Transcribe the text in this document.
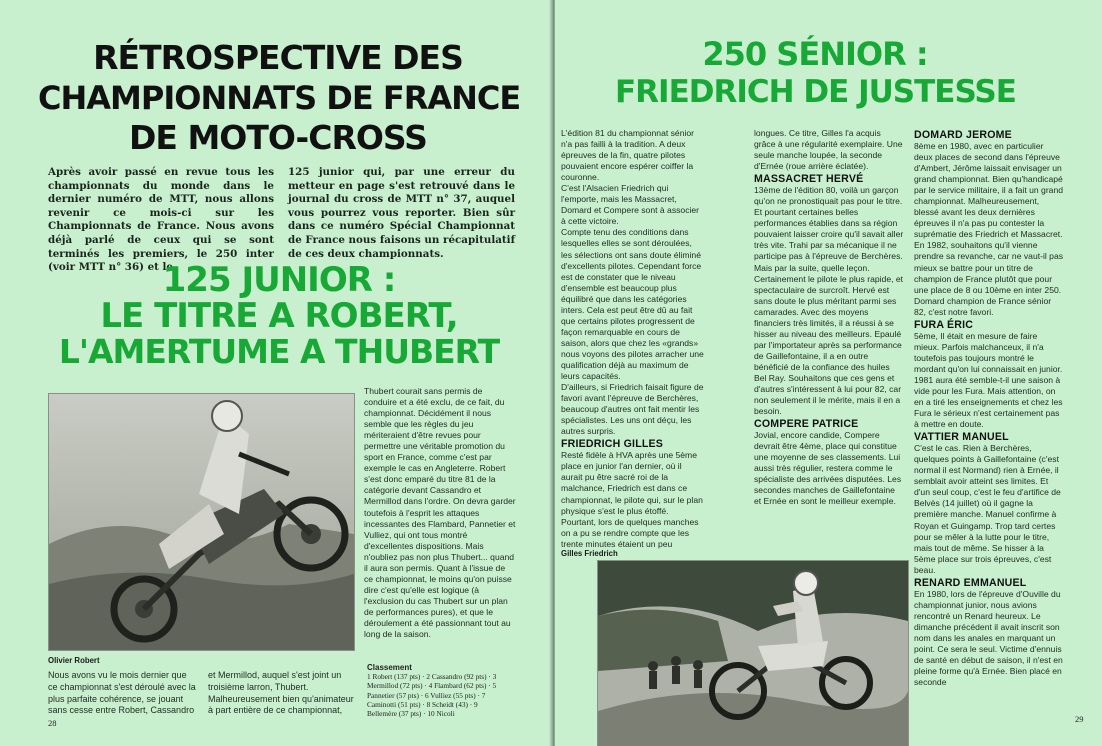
RÉTROSPECTIVE DES
CHAMPIONNATS DE FRANCE
DE MOTO-CROSS
Après avoir passé en revue tous les championnats du monde dans le dernier numéro de MTT, nous allons revenir ce mois-ci sur les Championnats de France. Nous avons déjà parlé de ceux qui se sont terminés les premiers, le 250 inter (voir MTT n° 36) et le
125 junior qui, par une erreur du metteur en page s'est retrouvé dans le journal du cross de MTT n° 37, auquel vous pourrez vous reporter. Bien sûr dans ce numéro Spécial Championnat de France nous faisons un récapitulatif de ces deux championnats.
125 JUNIOR :
LE TITRE A ROBERT,
L'AMERTUME A THUBERT
Olivier Robert
Thubert courait sans permis de conduire et a été exclu, de ce fait, du championnat. Décidément il nous semble que les règles du jeu mériteraient d'être revues pour permettre une véritable promotion du sport en France, comme c'est par exemple le cas en Angleterre. Robert s'est donc emparé du titre 81 de la catégorie devant Cassandro et Mermillod dans l'ordre. On devra garder toutefois à l'esprit les attaques incessantes des Flambard, Pannetier et Vulliez, qui ont tous montré d'excellentes dispositions. Mais n'oubliez pas non plus Thubert... quand il aura son permis. Quant à l'issue de ce championnat, le moins qu'on puisse dire c'est qu'elle est logique (à l'exclusion du cas Thubert sur un plan de performances pures), et que le déroulement a été passionnant tout au long de la saison.
Nous avons vu le mois dernier que ce championnat s'est déroulé avec la plus parfaite cohérence, se jouant sans cesse entre Robert, Cassandro
et Mermillod, auquel s'est joint un troisième larron, Thubert. Malheureusement bien qu'animateur à part entière de ce championnat,
Classement
1 Robert (137 pts) · 2 Cassandro (92 pts) · 3
Mermillod (72 pts) · 4 Flambard (62 pts) · 5
Pannetier (57 pts) · 6 Vulliez (55 pts) · 7
Caminotti (51 pts) · 8 Scheidt (43) · 9
Bellemère (37 pts) · 10 Nicoli
28
250 SÉNIOR :
FRIEDRICH DE JUSTESSE

L'édition 81 du championnat sénior n'a pas failli à la tradition. A deux épreuves de la fin, quatre pilotes pouvaient encore espérer coiffer la couronne.

C'est l'Alsacien Friedrich qui l'emporte, mais les Massacret, Domard et Compere sont à associer à cette victoire.

Compte tenu des conditions dans lesquelles elles se sont déroulées, les sélections ont sans doute éliminé d'excellents pilotes. Cependant force est de constater que le niveau d'ensemble est beaucoup plus équilibré que dans les catégories inters. Cela est peut être dû au fait que certains pilotes progressent de façon remarquable en cours de saison, alors que chez les «grands» nous voyons des pilotes arracher une qualification déjà au maximum de leurs capacités.

D'ailleurs, si Friedrich faisait figure de favori avant l'épreuve de Berchères, beaucoup d'autres ont fait mentir les spécialistes. Les uns ont déçu, les autres surpris.

FRIEDRICH GILLES

Resté fidèle à HVA après une 5ème place en junior l'an dernier, où il aurait pu être sacré roi de la malchance, Friedrich est dans ce championnat, le pilote qui, sur le plan physique s'est le plus étoffé. Pourtant, lors de quelques manches on a pu se rendre compte que les trente minutes étaient un peu

Gilles Friedrich

longues. Ce titre, Gilles l'a acquis grâce à une régularité exemplaire. Une seule manche loupée, la seconde d'Ernée (roue arrière éclatée).

MASSACRET HERVÉ

13ème de l'édition 80, voilà un garçon qu'on ne pronostiquait pas pour le titre. Et pourtant certaines belles performances établies dans sa région pouvaient laisser croire qu'il savait aller très vite. Trahi par sa mécanique il ne participe pas à l'épreuve de Berchères. Mais par la suite, quelle leçon. Certainement le pilote le plus rapide, et spectaculaire de surcroît. Hervé est sans doute le plus méritant parmi ses camarades. Avec des moyens financiers très limités, il a réussi à se hisser au niveau des meilleurs. Epaulé par l'importateur après sa performance de Gaillefontaine, il a en outre bénéficié de la confiance des huiles Bel Ray. Souhaitons que ces gens et d'autres s'intéressent à lui pour 82, car non seulement il le mérite, mais il en a besoin.

COMPERE PATRICE

Jovial, encore candide, Compere devrait être 4ème, place qui constitue une moyenne de ses classements. Lui aussi très régulier, restera comme le spécialiste des arrivées disputées. Les secondes manches de Gaillefontaine et Ernée en sont le meilleur exemple.

DOMARD JEROME

8ème en 1980, avec en particulier deux places de second dans l'épreuve d'Ambert, Jérôme laissait envisager un grand championnat. Bien qu'handicapé par le service militaire, il a fait un grand championnat. Malheureusement, blessé avant les deux dernières épreuves il n'a pas pu contester la suprématie des Friedrich et Massacret. En 1982, souhaitons qu'il vienne prendre sa revanche, car ne vaut-il pas mieux se battre pour un titre de champion de France plutôt que pour une place de 8 ou 10ème en inter 250. Domard champion de France sénior 82, c'est notre favori.

FURA ÉRIC

5ème, Il était en mesure de faire mieux. Parfois malchanceux, il n'a toutefois pas toujours montré le mordant qu'on lui connaissait en junior. 1981 aura été semble-t-il une saison à vide pour les Fura. Mais attention, on en a tiré les enseignements et chez les Fura le sérieux n'est certainement pas à mettre en doute.

VATTIER MANUEL

C'est le cas. Rien à Berchères, quelques points à Gaillefontaine (c'est normal il est Normand) rien à Ernée, il semblait avoir atteint ses limites. Et d'un seul coup, c'est le feu d'artifice de Belvès (14 juillet) où il gagne la première manche. Manuel confirme à Royan et Guingamp. Trop tard certes pour se mêler à la lutte pour le titre, mais tout de même. Se hisser à la 5ème place sur trois épreuves, c'est beau.

RENARD EMMANUEL

En 1980, lors de l'épreuve d'Ouville du championnat junior, nous avions rencontré un Renard heureux. Le dimanche précédent il avait inscrit son nom dans les anales en marquant un point. Ce sera le seul. Victime d'ennuis de santé en début de saison, il n'est en pleine forme qu'à Ernée. Bien placé en seconde

29
